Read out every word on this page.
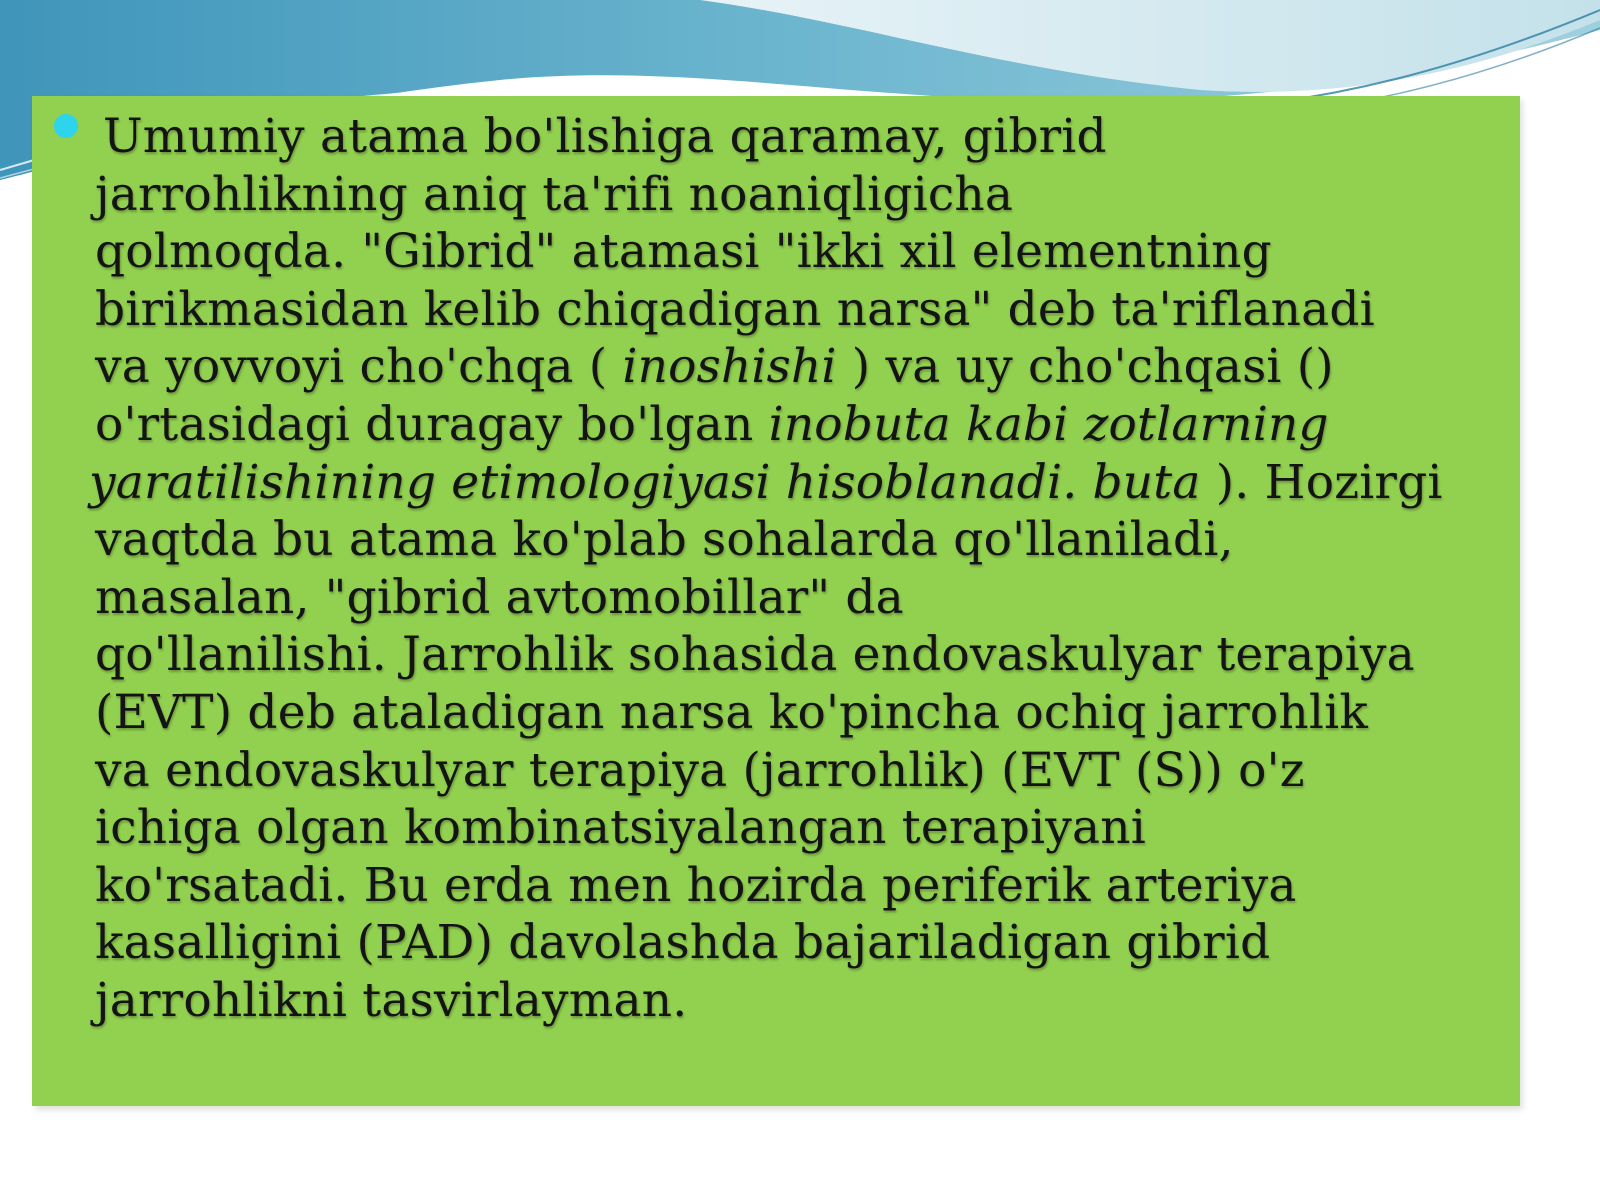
Umumiy atama bo'lishiga qaramay, gibrid
jarrohlikning aniq ta'rifi noaniqligicha
qolmoqda. "Gibrid" atamasi "ikki xil elementning
birikmasidan kelib chiqadigan narsa" deb ta'riflanadi
va yovvoyi cho'chqa ( inoshishi ) va uy cho'chqasi ()
o'rtasidagi duragay bo'lgan inobuta kabi zotlarning
yaratilishining etimologiyasi hisoblanadi. buta ). Hozirgi
vaqtda bu atama ko'plab sohalarda qo'llaniladi,
masalan, "gibrid avtomobillar" da
qo'llanilishi. Jarrohlik sohasida endovaskulyar terapiya
(EVT) deb ataladigan narsa ko'pincha ochiq jarrohlik
va endovaskulyar terapiya (jarrohlik) (EVT (S)) o'z
ichiga olgan kombinatsiyalangan terapiyani
ko'rsatadi. Bu erda men hozirda periferik arteriya
kasalligini (PAD) davolashda bajariladigan gibrid
jarrohlikni tasvirlayman.
